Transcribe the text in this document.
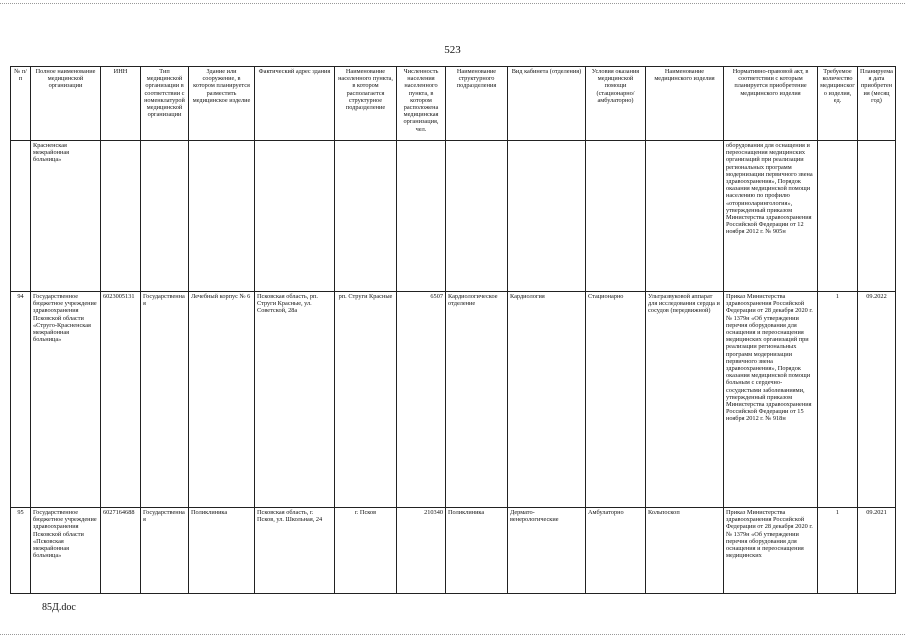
523
№ п/п	Полное наименование медицинской организации	ИНН	Тип медицинской организации в соответствии с номенклатурой медицинской организации	Здание или сооружение, в котором планируется разместить медицинское изделие	Фактический адрес здания	Наименование населенного пункта, в котором располагается структурное подразделение	Численность населения населенного пункта, в котором расположена медицинская организация, чел.	Наименование структурного подразделения	Вид кабинета (отделения)	Условия оказания медицинской помощи (стационарно/амбулаторно)	Наименование медицинского изделия	Нормативно-правовой акт, в соответствии с которым планируется приобретение медицинского изделия	Требуемое количество медицинского изделия, ед.	Планируемая дата приобретения (месяц год)
	Красненская межрайонная больница»											оборудования для оснащения и переоснащения медицинских организаций при реализации региональных программ модернизации первичного звена здравоохранения», Порядок оказания медицинской помощи населению по профилю «оториноларингология», утвержденный приказом Министерства здравоохранения Российской Федерации от 12 ноября 2012 г. № 905н		
94	Государственное бюджетное учреждение здравоохранения Псковской области «Струго-Красненская межрайонная больница»	6023005131	Государственная	Лечебный корпус № 6	Псковская область, рп. Струги Красные, ул. Советской, 28а	рп. Струги Красные	6507	Кардиологическое отделение	Кардиология	Стационарно	Ультразвуковой аппарат для исследования сердца и сосудов (передвижной)	Приказ Министерства здравоохранения Российской Федерации от 28 декабря 2020 г. № 1379н «Об утверждении перечня оборудования для оснащения и переоснащения медицинских организаций при реализации региональных программ модернизации первичного звена здравоохранения», Порядок оказания медицинской помощи больным с сердечно-сосудистыми заболеваниями, утвержденный приказом Министерства здравоохранения Российской Федерации от 15 ноября 2012 г. № 918н	1	09.2022
95	Государственное бюджетное учреждение здравоохранения Псковской области «Псковская межрайонная больница»	6027164688	Государственная	Поликлиника	Псковская область, г. Псков, ул. Школьная, 24	г. Псков	210340	Поликлиника	Дермато-венерологические	Амбулаторно	Кольпоскоп	Приказ Министерства здравоохранения Российской Федерации от 28 декабря 2020 г. № 1379н «Об утверждении перечня оборудования для оснащения и переоснащения медицинских	1	09.2021
85Д.doc
